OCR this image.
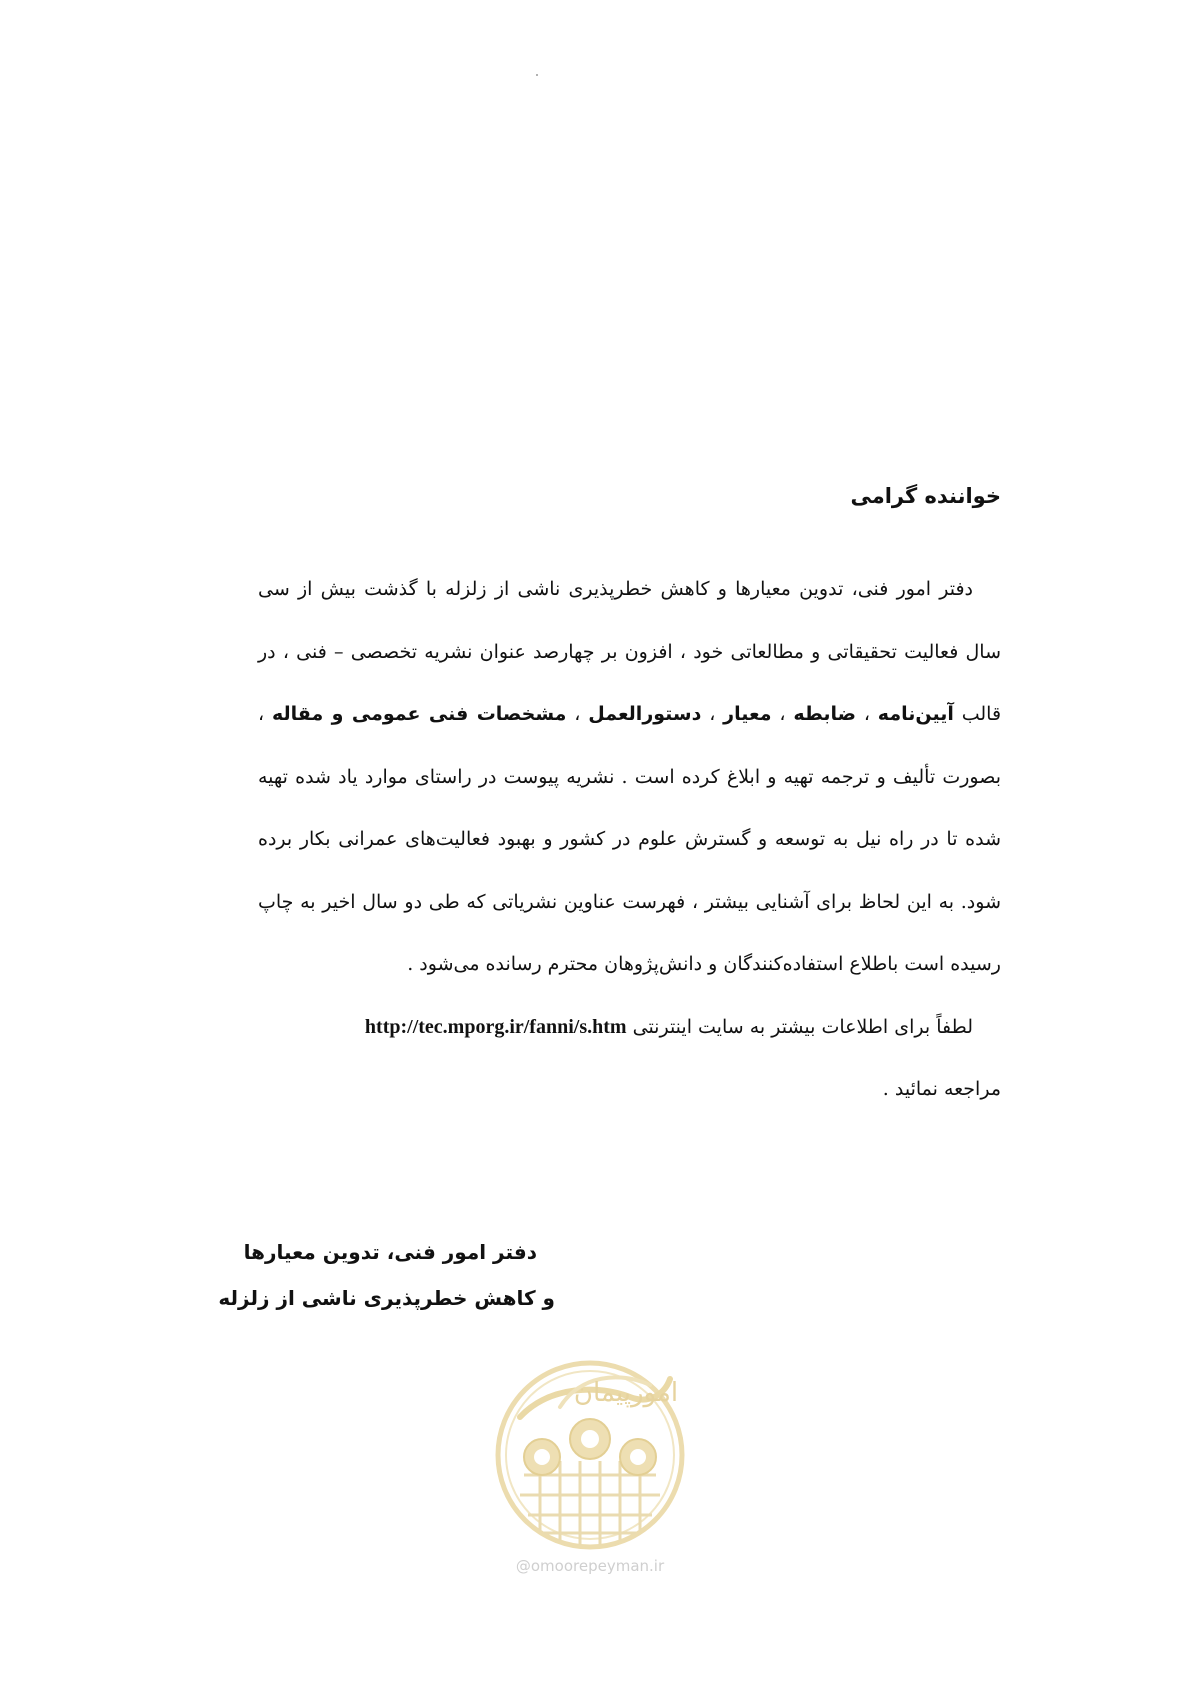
خواننده گرامی

دفتر امور فنی، تدوین معیارها و کاهش خطرپذیری ناشی از زلزله با گذشت بیش از سی سال فعالیت تحقیقاتی و مطالعاتی خود ، افزون بر چهارصد عنوان نشریه تخصصی – فنی ، در قالب آیین‌نامه ، ضابطه ، معیار ، دستورالعمل ، مشخصات فنی عمومی و مقاله ، بصورت تألیف و ترجمه تهیه و ابلاغ کرده است . نشریه پیوست در راستای موارد یاد شده تهیه شده تا در راه نیل به توسعه و گسترش علوم در کشور و بهبود فعالیت‌های عمرانی بکار برده شود. به این لحاظ برای آشنایی بیشتر ، فهرست عناوین نشریاتی که طی دو سال اخیر به چاپ رسیده است باطلاع استفاده‌کنندگان و دانش‌پژوهان محترم رسانده می‌شود .

لطفاً برای اطلاعات بیشتر به سایت اینترنتی http://tec.mporg.ir/fanni/s.htm
مراجعه نمائید .

دفتر امور فنی، تدوین معیارها
و کاهش خطرپذیری ناشی از زلزله
امورپیمان
@omoorepeyman.ir
